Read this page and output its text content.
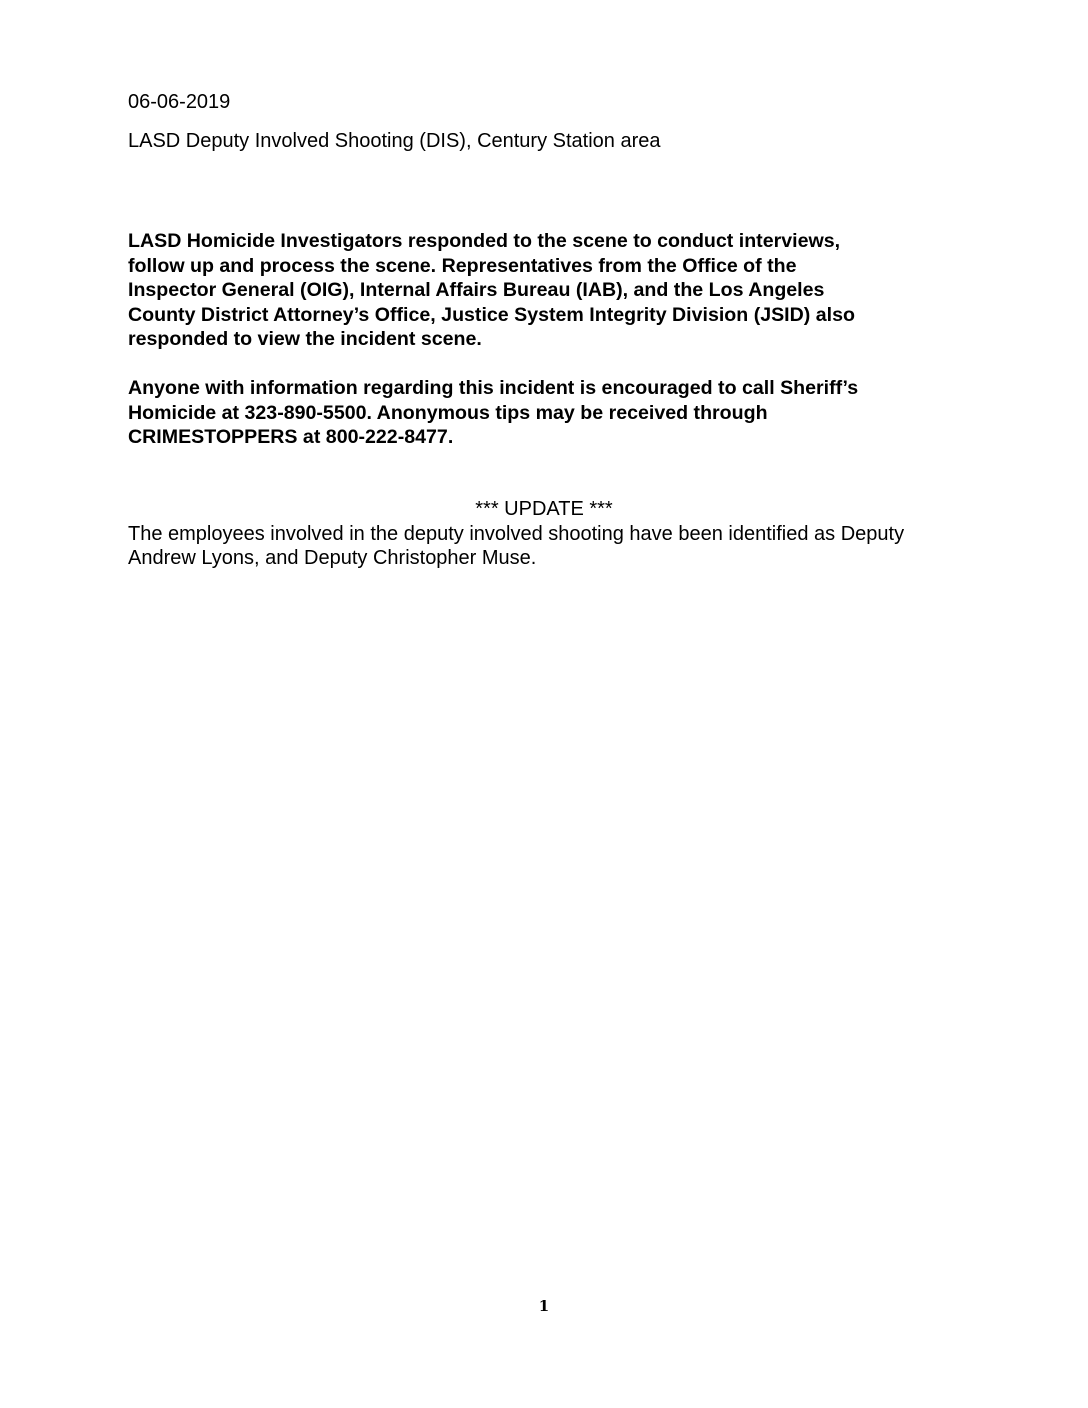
06-06-2019
LASD Deputy Involved Shooting (DIS), Century Station area
LASD Homicide Investigators responded to the scene to conduct interviews,
follow up and process the scene. Representatives from the Office of the
Inspector General (OIG), Internal Affairs Bureau (IAB), and the Los Angeles
County District Attorney’s Office, Justice System Integrity Division (JSID) also
responded to view the incident scene.
Anyone with information regarding this incident is encouraged to call Sheriff’s
Homicide at 323-890-5500. Anonymous tips may be received through
CRIMESTOPPERS at 800-222-8477.
*** UPDATE ***
The employees involved in the deputy involved shooting have been identified as Deputy
Andrew Lyons, and Deputy Christopher Muse.
1
